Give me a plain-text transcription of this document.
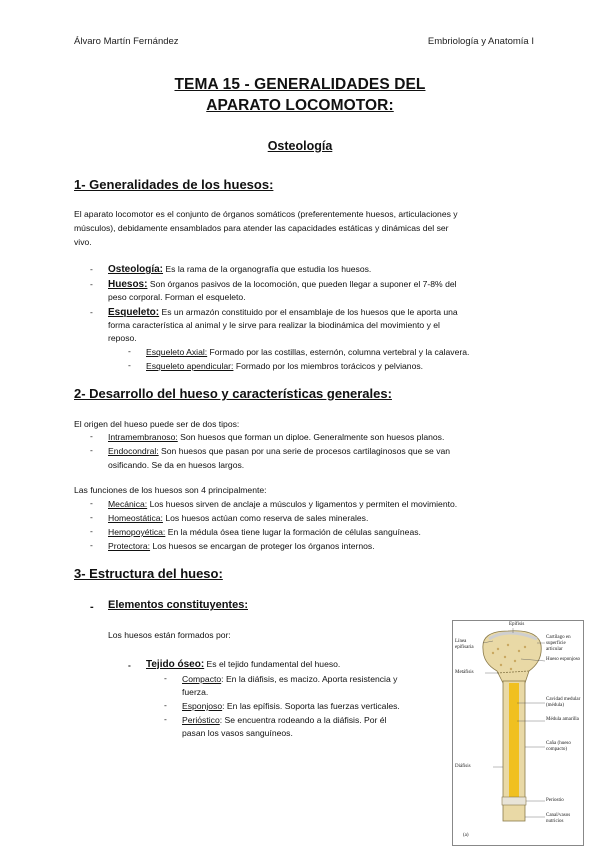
Álvaro Martín Fernández	Embriología y Anatomía I
TEMA 15 - GENERALIDADES DEL
APARATO LOCOMOTOR:
Osteología
1- Generalidades de los huesos:
El aparato locomotor es el conjunto de órganos somáticos (preferentemente huesos, articulaciones y
músculos), debidamente ensamblados para atender las capacidades estáticas y dinámicas del ser
vivo.
- Osteología: Es la rama de la organografía que estudia los huesos.
- Huesos: Son órganos pasivos de la locomoción, que pueden llegar a suponer el 7-8% del
peso corporal. Forman el esqueleto.
- Esqueleto: Es un armazón constituido por el ensamblaje de los huesos que le aporta una
forma característica al animal y le sirve para realizar la biodinámica del movimiento y el
reposo.
- Esqueleto Axial: Formado por las costillas, esternón, columna vertebral y la calavera.
- Esqueleto apendicular: Formado por los miembros torácicos y pelvianos.
2- Desarrollo del hueso y características generales:
El origen del hueso puede ser de dos tipos:
- Intramembranoso: Son huesos que forman un diploe. Generalmente son huesos planos.
- Endocondral: Son huesos que pasan por una serie de procesos cartilaginosos que se van
osificando. Se da en huesos largos.
Las funciones de los huesos son 4 principalmente:
- Mecánica: Los huesos sirven de anclaje a músculos y ligamentos y permiten el movimiento.
- Homeostática: Los huesos actúan como reserva de sales minerales.
- Hemopoyética: En la médula ósea tiene lugar la formación de células sanguíneas.
- Protectora: Los huesos se encargan de proteger los órganos internos.
3- Estructura del hueso:
- Elementos constituyentes:
Los huesos están formados por:
- Tejido óseo: Es el tejido fundamental del hueso.
- Compacto: En la diáfisis, es macizo. Aporta resistencia y
fuerza.
- Esponjoso: En las epífisis. Soporta las fuerzas verticales.
- Periόstico: Se encuentra rodeando a la diáfisis. Por él
pasan los vasos sanguíneos.
Epífisis
Línea epifisaria
Cartílago en superficie articular
Hueso esponjoso
Metáfisis
Cavidad medular (médula)
Médula amarilla
Caña (hueso compacto)
Diáfisis
Periostio
Canal/vasos nutricios
(a)
